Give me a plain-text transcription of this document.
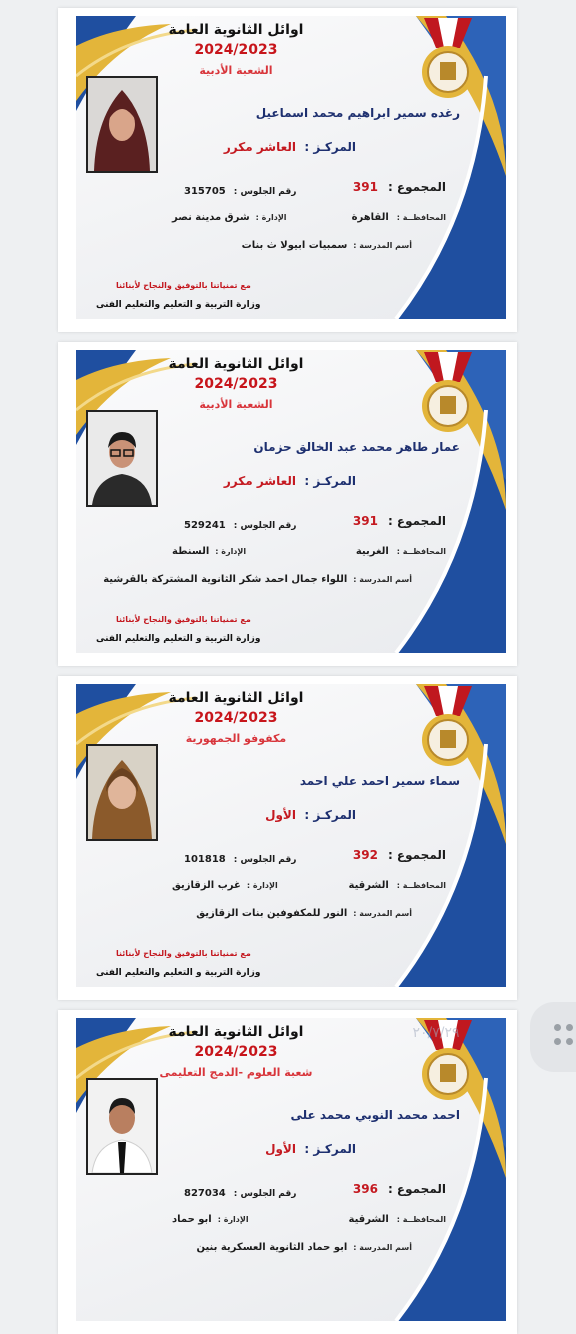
اوائل الثانوية العامة
2024/2023
الشعبة الأدبية
رغده سمير ابراهيم محمد اسماعيل
المركـز :  العاشر مكرر
المجموع :391
رقم الجلوس :315705
المحافظــة :القاهرة
الإدارة :شرق مدينة نصر
أسم المدرسة :سمبيات ابيولا ث بنات
مع تمنياتنا بالتوفيق والنجاح لأبنائنا
وزارة التربية و التعليم والتعليم الفنى
اوائل الثانوية العامة
2024/2023
الشعبة الأدبية
عمار طاهر محمد عبد الخالق حزمان
المركـز :  العاشر مكرر
المجموع :391
رقم الجلوس :529241
المحافظــة :الغربية
الإدارة :السنطة
أسم المدرسة :اللواء جمال احمد شكر الثانوية المشتركة بالقرشية
مع تمنياتنا بالتوفيق والنجاح لأبنائنا
وزارة التربية و التعليم والتعليم الفنى
اوائل الثانوية العامة
2024/2023
مكفوفو الجمهورية
سماء سمير احمد علي احمد
المركـز :  الأول
المجموع :392
رقم الجلوس :101818
المحافظــة :الشرقية
الإدارة :غرب الزقازيق
أسم المدرسة :النور للمكفوفين بنات الزقازيق
مع تمنياتنا بالتوفيق والنجاح لأبنائنا
وزارة التربية و التعليم والتعليم الفنى
٢٠/٧/٢٩
اوائل الثانوية العامة
2024/2023
شعبة العلوم -الدمج التعليمى
احمد محمد النوبي محمد على
المركـز :  الأول
المجموع :396
رقم الجلوس :827034
المحافظــة :الشرقية
الإدارة :ابو حماد
أسم المدرسة :ابو حماد الثانوية العسكرية بنين
